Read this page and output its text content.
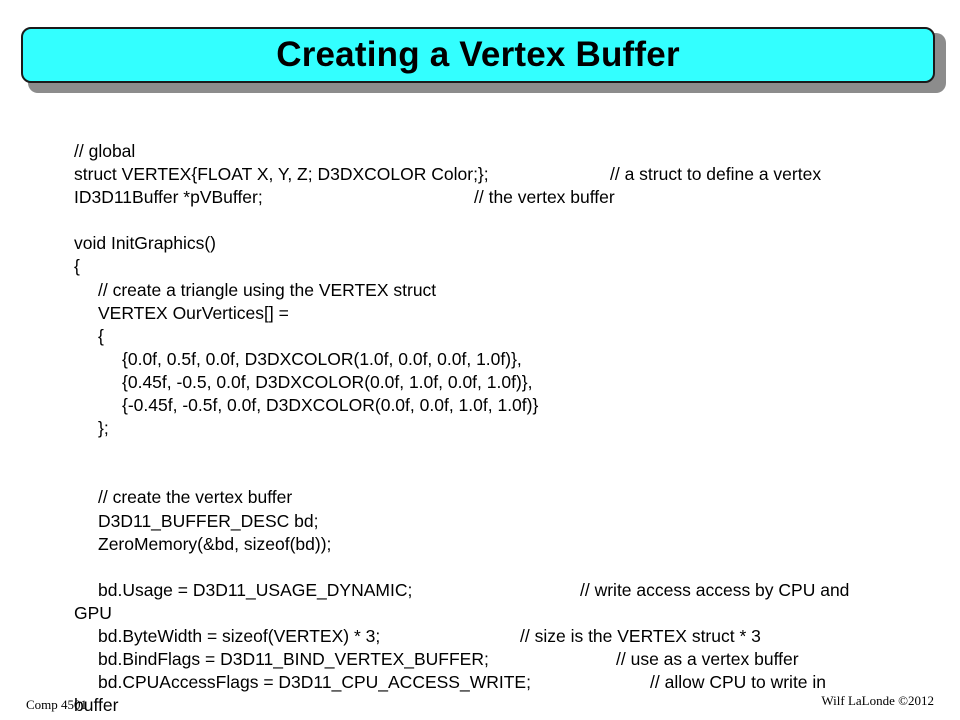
Creating a Vertex Buffer
// global
struct VERTEX{FLOAT X, Y, Z; D3DXCOLOR Color;};	// a struct to define a vertex
ID3D11Buffer *pVBuffer;	// the vertex buffer
void InitGraphics()
{
// create a triangle using the VERTEX struct
VERTEX OurVertices[] =
{
{0.0f, 0.5f, 0.0f, D3DXCOLOR(1.0f, 0.0f, 0.0f, 1.0f)},
{0.45f, -0.5, 0.0f, D3DXCOLOR(0.0f, 1.0f, 0.0f, 1.0f)},
{-0.45f, -0.5f, 0.0f, D3DXCOLOR(0.0f, 0.0f, 1.0f, 1.0f)}
};
// create the vertex buffer
D3D11_BUFFER_DESC bd;
ZeroMemory(&bd, sizeof(bd));
bd.Usage = D3D11_USAGE_DYNAMIC;	// write access access by CPU and
GPU
bd.ByteWidth = sizeof(VERTEX) * 3;	// size is the VERTEX struct * 3
bd.BindFlags = D3D11_BIND_VERTEX_BUFFER;	// use as a vertex buffer
bd.CPUAccessFlags = D3D11_CPU_ACCESS_WRITE;	// allow CPU to write in
buffer
Comp 4501	Wilf LaLonde ©2012
